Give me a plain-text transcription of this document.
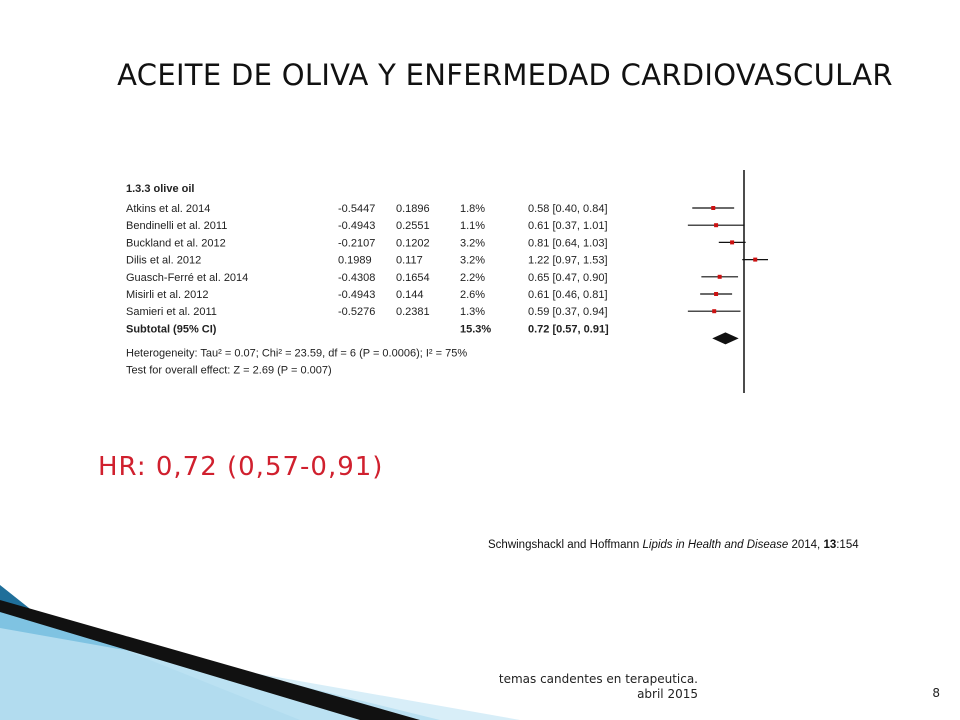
ACEITE DE OLIVA Y ENFERMEDAD CARDIOVASCULAR
1.3.3 olive oil
Atkins et al. 2014	-0.5447 0.1896	1.8%	0.58 [0.40, 0.84]
Bendinelli et al. 2011	-0.4943 0.2551	1.1%	0.61 [0.37, 1.01]
Buckland et al. 2012	-0.2107 0.1202	3.2%	0.81 [0.64, 1.03]
Dilis et al. 2012	0.1989 0.117	3.2%	1.22 [0.97, 1.53]
Guasch-Ferré et al. 2014	-0.4308 0.1654	2.2%	0.65 [0.47, 0.90]
Misirli et al. 2012	-0.4943 0.144	2.6%	0.61 [0.46, 0.81]
Samieri et al. 2011	-0.5276 0.2381	1.3%	0.59 [0.37, 0.94]
Subtotal (95% CI)	15.3%	0.72 [0.57, 0.91]
Heterogeneity: Tau² = 0.07; Chi² = 23.59, df = 6 (P = 0.0006); I² = 75%
Test for overall effect: Z = 2.69 (P = 0.007)
HR: 0,72 (0,57-0,91)
Schwingshackl and Hoffmann Lipids in Health and Disease 2014, 13:154
temas candentes en terapeutica.
abril 2015	8
